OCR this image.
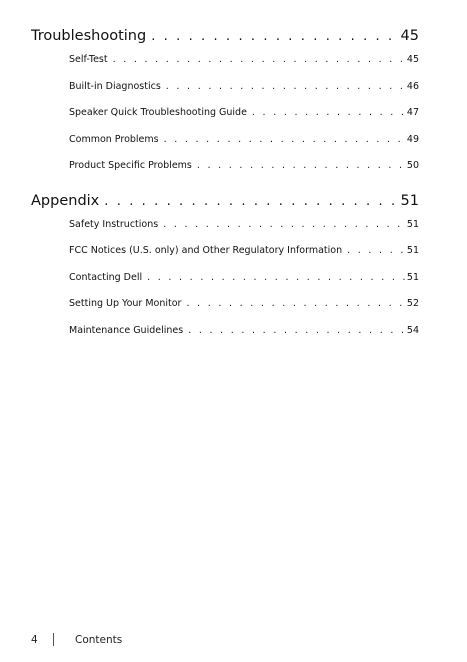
Troubleshooting . . .	45
Self-Test . . .	45
Built-in Diagnostics . . .	46
Speaker Quick Troubleshooting Guide . . .	47
Common Problems . . .	49
Product Specific Problems . . .	50
Appendix . . .	51
Safety Instructions . . .	51
FCC Notices (U.S. only) and Other Regulatory Information . . .	51
Contacting Dell . . .	51
Setting Up Your Monitor . . .	52
Maintenance Guidelines . . .	54
4	Contents
